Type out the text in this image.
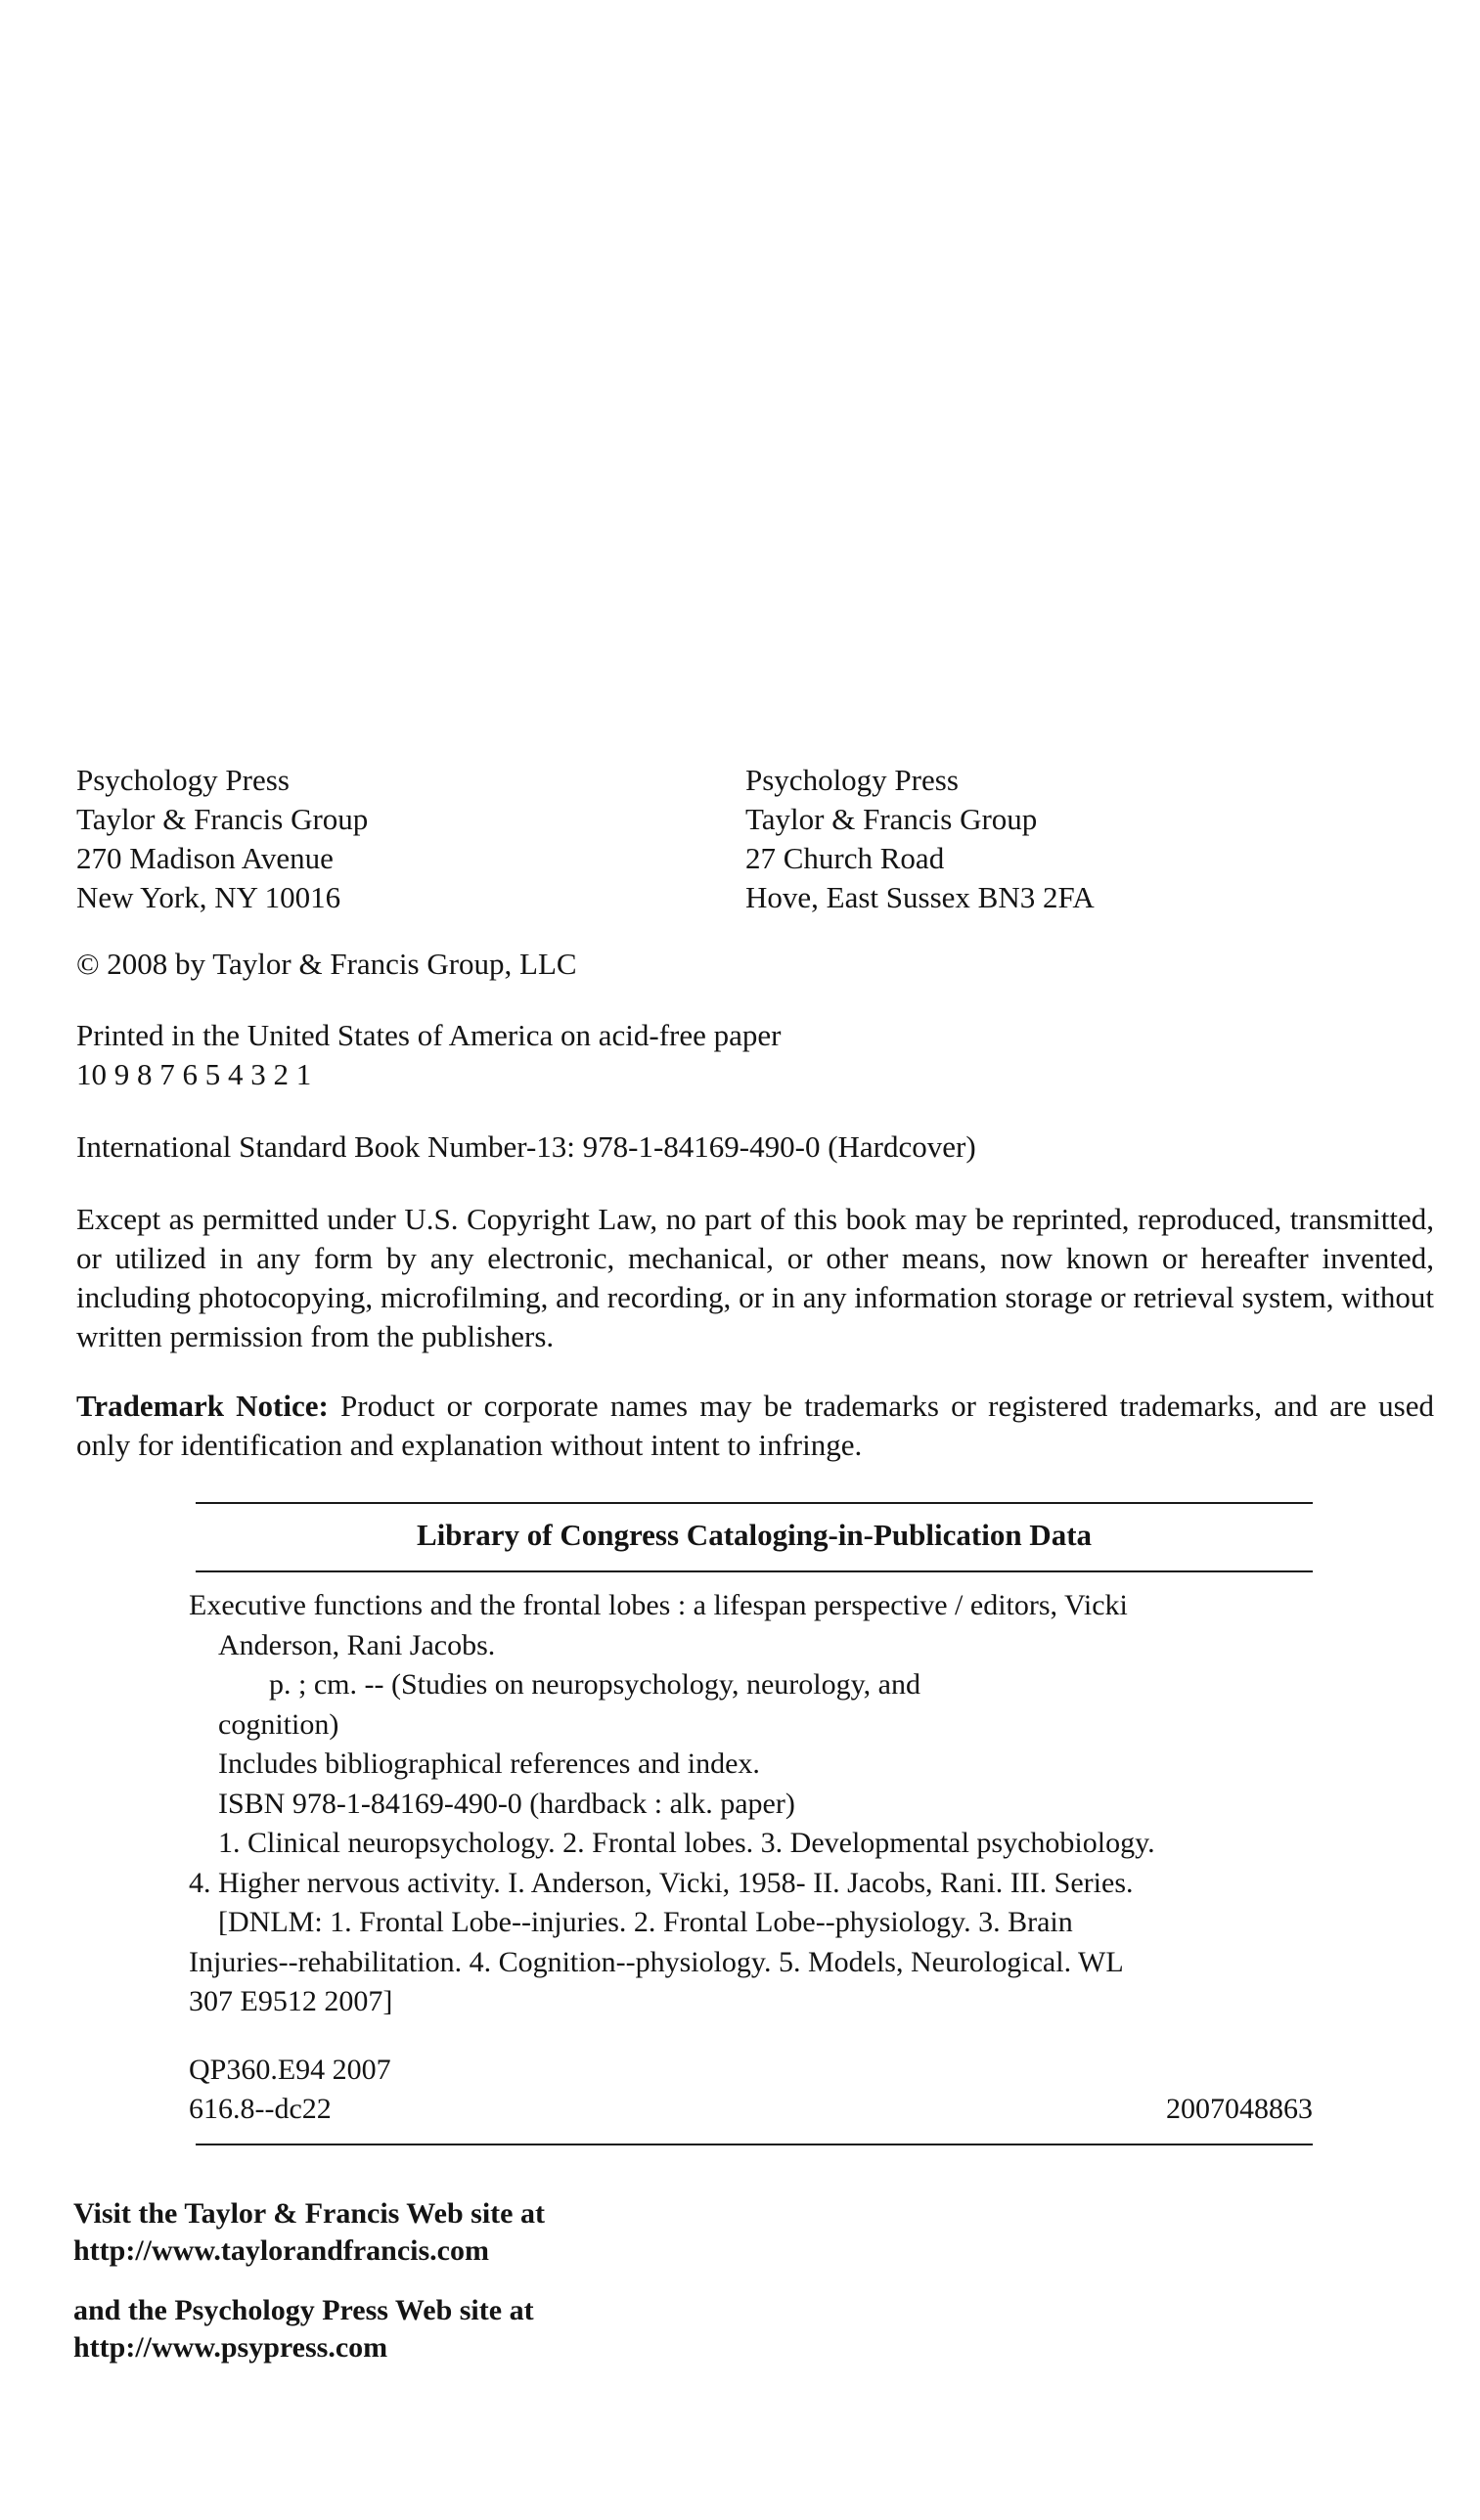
Psychology Press
Taylor & Francis Group
270 Madison Avenue
New York, NY 10016
Psychology Press
Taylor & Francis Group
27 Church Road
Hove, East Sussex BN3 2FA
© 2008 by Taylor & Francis Group, LLC
Printed in the United States of America on acid-free paper
10 9 8 7 6 5 4 3 2 1
International Standard Book Number-13: 978-1-84169-490-0 (Hardcover)
Except as permitted under U.S. Copyright Law, no part of this book may be reprinted, reproduced, transmitted, or utilized in any form by any electronic, mechanical, or other means, now known or hereafter invented, including photocopying, microfilming, and recording, or in any information storage or retrieval system, without written permission from the publishers.
Trademark Notice: Product or corporate names may be trademarks or registered trademarks, and are used only for identification and explanation without intent to infringe.
Library of Congress Cataloging-in-Publication Data
Executive functions and the frontal lobes : a lifespan perspective / editors, Vicki
Anderson, Rani Jacobs.
p. ; cm. -- (Studies on neuropsychology, neurology, and
cognition)
Includes bibliographical references and index.
ISBN 978-1-84169-490-0 (hardback : alk. paper)
1. Clinical neuropsychology. 2. Frontal lobes. 3. Developmental psychobiology.
4. Higher nervous activity. I. Anderson, Vicki, 1958- II. Jacobs, Rani. III. Series.
[DNLM: 1. Frontal Lobe--injuries. 2. Frontal Lobe--physiology. 3. Brain
Injuries--rehabilitation. 4. Cognition--physiology. 5. Models, Neurological. WL
307 E9512 2007]
QP360.E94 2007
616.8--dc22	2007048863
Visit the Taylor & Francis Web site at
http://www.taylorandfrancis.com
and the Psychology Press Web site at
http://www.psypress.com
